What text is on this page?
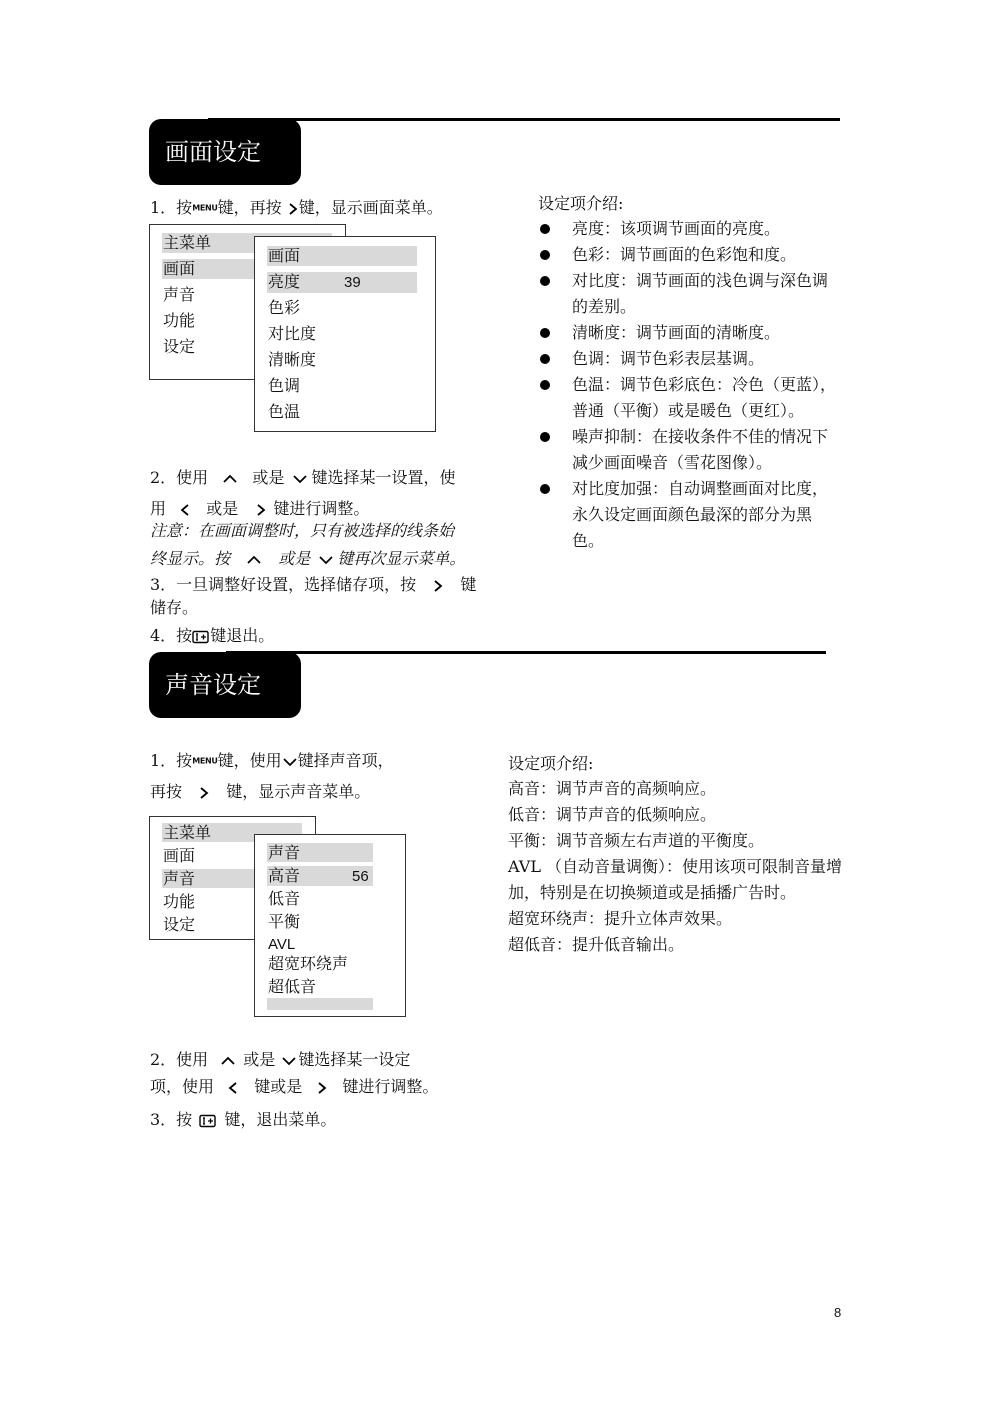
画面设定
1．按MENU键，再按 键，显示画面菜单。
主菜单
画面
声音
功能
设定
画面
亮度	39
色彩
对比度
清晰度
色调
色温
2．使用	或是 键选择某一设置，使
用	或是 键进行调整。
注意：在画面调整时，只有被选择的线条始
终显示。按	或是 键再次显示菜单。
3．一旦调整好设置，选择储存项，按	键
储存。
4．按 键退出。
设定项介绍:
亮度：该项调节画面的亮度。
色彩：调节画面的色彩饱和度。
对比度：调节画面的浅色调与深色调
的差别。
清晰度：调节画面的清晰度。
色调：调节色彩表层基调。
色温：调节色彩底色：冷色（更蓝），
普通（平衡）或是暖色（更红）。
噪声抑制：在接收条件不佳的情况下
减少画面噪音（雪花图像）。
对比度加强：自动调整画面对比度，
永久设定画面颜色最深的部分为黑
色。
声音设定
1．按MENU键，使用 键择声音项，
再按	键，显示声音菜单。
主菜单
画面
声音
功能
设定
声音
高音	56
低音
平衡
AVL
超宽环绕声
超低音
2．使用 或是 键选择某一设定
项，使用	键或是	键进行调整。
3．按 键，退出菜单。
设定项介绍:
高音：调节声音的高频响应。
低音：调节声音的低频响应。
平衡：调节音频左右声道的平衡度。
AVL （自动音量调衡）：使用该项可限制音量增
加，特别是在切换频道或是插播广告时。
超宽环绕声：提升立体声效果。
超低音：提升低音输出。
8
